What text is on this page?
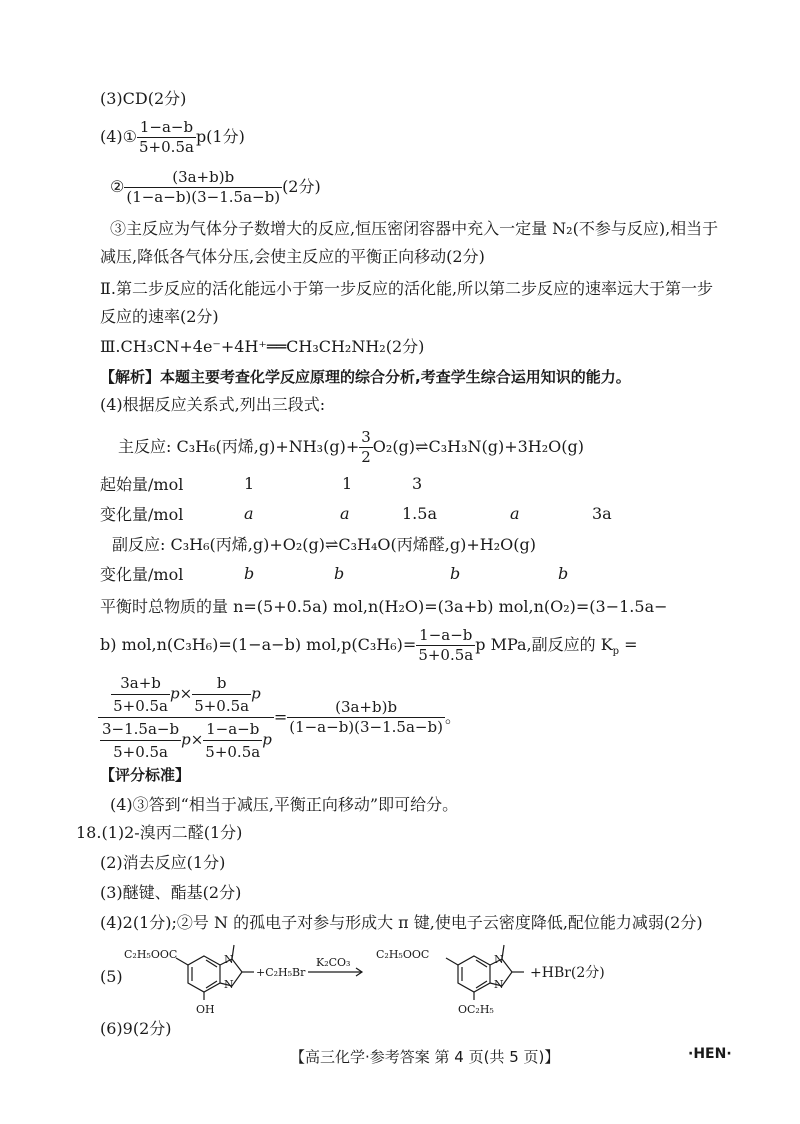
(3)CD(2分)
(4)① $\frac{1-a-b}{5+0.5a} p(1$分)
② $\frac{(3a+b)b}{(1-a-b)(3-1.5a-b)} (2$分)
③主反应为气体分子数增大的反应,恒压密闭容器中充入一定量 N₂(不参与反应),相当于
减压,降低各气体分压,会使主反应的平衡正向移动(2分)
Ⅱ.第二步反应的活化能远小于第一步反应的活化能,所以第二步反应的速率远大于第一步
反应的速率(2分)
Ⅲ.CH₃CN+4e⁻+4H⁺══CH₃CH₂NH₂(2分)
【解析】本题主要考查化学反应原理的综合分析,考查学生综合运用知识的能力。
(4)根据反应关系式,列出三段式:
主反应: C₃H₆(丙烯$,g)+NH_3(g)+ \frac{3}{2}$ O₂(g)⇌C₃H₃N(g)+3H₂O(g)
起始量/mol	1	1	3
变化量/mol	a	a	1.5a	a	3a
副反应: C₃H₆(丙烯,g)+O₂(g)⇌C₃H₄O(丙烯醛,g)+H₂O(g)
变化量/mol	b	b	b	b
平衡时总物质的量 n=(5+0.5a) mol,n(H₂O)=(3a+b) mol,n(O₂)=(3−1.5a−
b) mol,n(C₃H₆)=(1−a−b) $mol,p(C_3H_6)= \frac{1-a-b}{5+0.5a}$ p MPa,副反应的 $K_p$ =
$\frac{\frac{3a+b}{5+0.5a} p\times \frac{b}{5+0.5a} p}{\frac{3-1.5a-b}{5+0.5a} p\times \frac{1-a-b}{5+0.5a} p} = \frac{(3a+b)b}{(1-a-b)(3-1.5a-b)}$ 。
【评分标准】
(4)③答到“相当于减压,平衡正向移动”即可给分。
18.(1)2-溴丙二醛(1分)
(2)消去反应(1分)
(3)醚键、酯基(2分)
(4)2(1分);②号 N 的孤电子对参与形成大 π 键,使电子云密度降低,配位能力减弱(2分)
(5)
N
N
N
N
C₂H₅OOC
OH
+C₂H₅Br
K₂CO₃
C₂H₅OOC
OC₂H₅
+HBr(2分)
(6)9(2分)
【高三化学·参考答案 第 4 页(共 5 页)】	·HEN·
